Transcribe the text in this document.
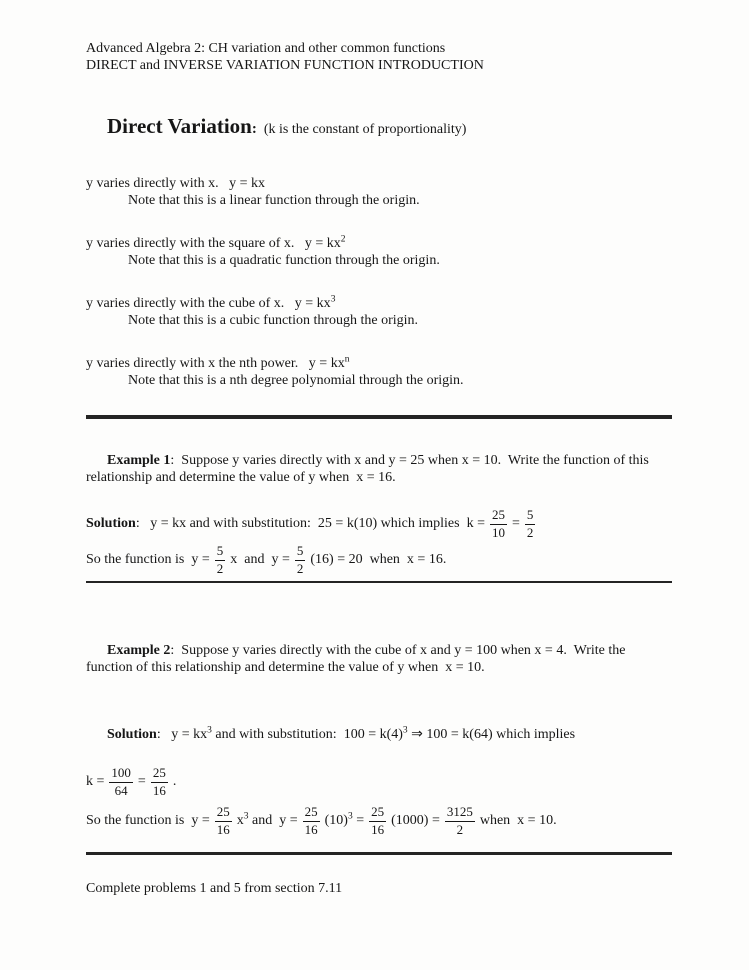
Advanced Algebra 2: CH variation and other common functions
DIRECT and INVERSE VARIATION FUNCTION INTRODUCTION

Direct Variation:  (k is the constant of proportionality)

y varies directly with x.   y = kx
Note that this is a linear function through the origin.
y varies directly with the square of x.   $y = kx^2$
Note that this is a quadratic function through the origin.
y varies directly with the cube of x.   $y = kx^3$
Note that this is a cubic function through the origin.
y varies directly with x the nth power.   $y = kx^n$
Note that this is a nth degree polynomial through the origin.

Example 1:  Suppose y varies directly with x and y = 25 when x = 10.  Write the function of this relationship and determine the value of y when  x = 16.

Solution:   y = kx and with substitution:  25 = k(10) which implies  $k = \frac{25}{10} = \frac{5}{2}$
So the function is  $y = \frac{5}{2}$ x  and  $y = \frac{5}{2} (16) = 20$  when  x = 16.

Example 2:  Suppose y varies directly with the cube of x and y = 100 when x = 4.  Write the function of this relationship and determine the value of y when  x = 10.

Solution:   $y = kx^3$ and with substitution:  $100 = k(4)^3$ ⇒ 100 = k(64) which implies

$k = \frac{100}{64} = \frac{25}{16}$ .
So the function is  $y = \frac{25}{16} x^3$ and  $y = \frac{25}{16} (10)^3 = \frac{25}{16} (1000) = \frac{3125}{2}$ when  x = 10.
Complete problems 1 and 5 from section 7.11
